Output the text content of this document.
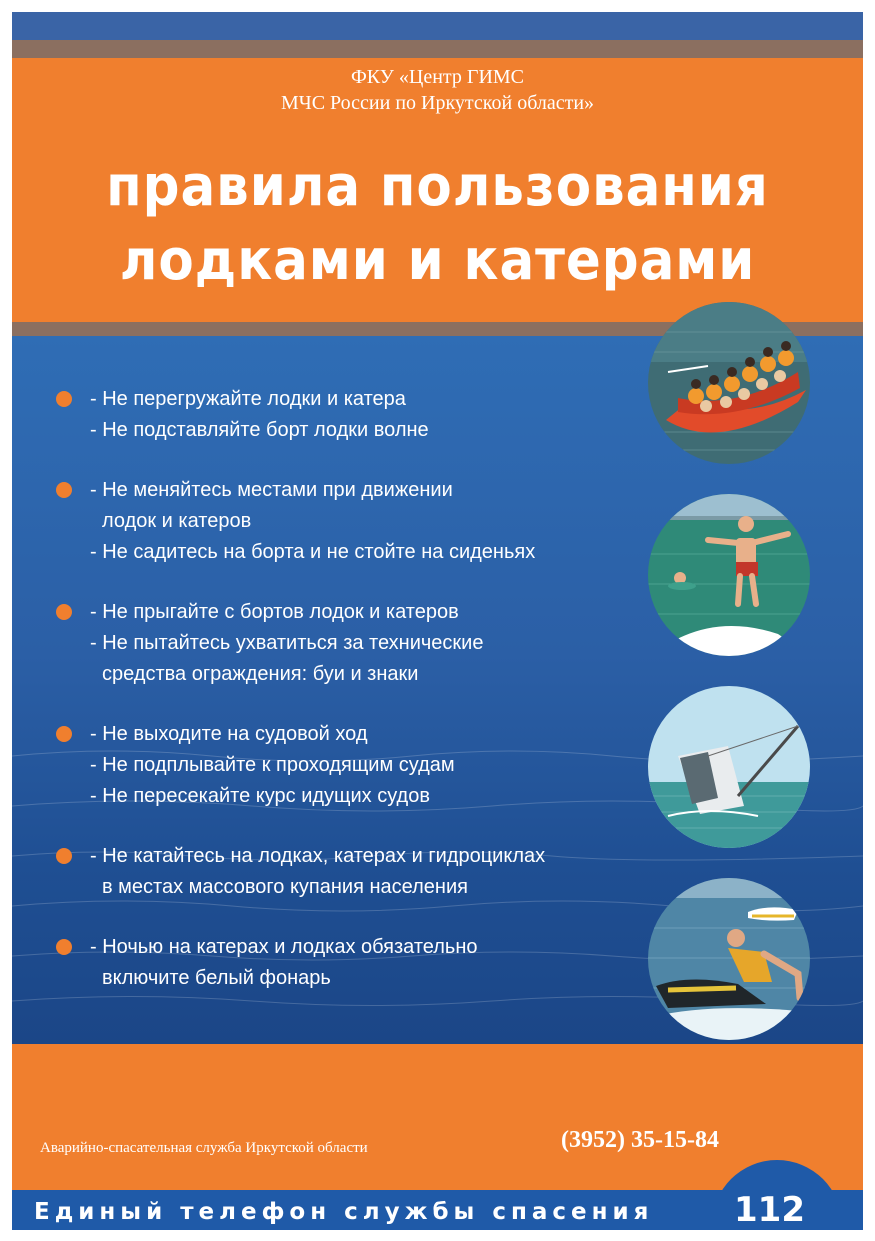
ФКУ «Центр ГИМС
МЧС России по Иркутской области»
правила пользования
лодками и катерами
- Не перегружайте лодки и катера
- Не подставляйте борт лодки волне
- Не меняйтесь местами при движении
лодок и катеров
- Не садитесь на борта и не стойте на сиденьях
- Не прыгайте с бортов лодок и катеров
- Не пытайтесь ухватиться за технические
средства ограждения: буи и знаки
- Не выходите на судовой ход
- Не подплывайте к проходящим судам
- Не пересекайте курс идущих судов
- Не катайтесь на лодках, катерах и гидроциклах
в местах массового купания населения
- Ночью на катерах и лодках обязательно
включите белый фонарь
Аварийно-спасательная служба Иркутской области	(3952) 35-15-84
Единый телефон службы спасения 112
